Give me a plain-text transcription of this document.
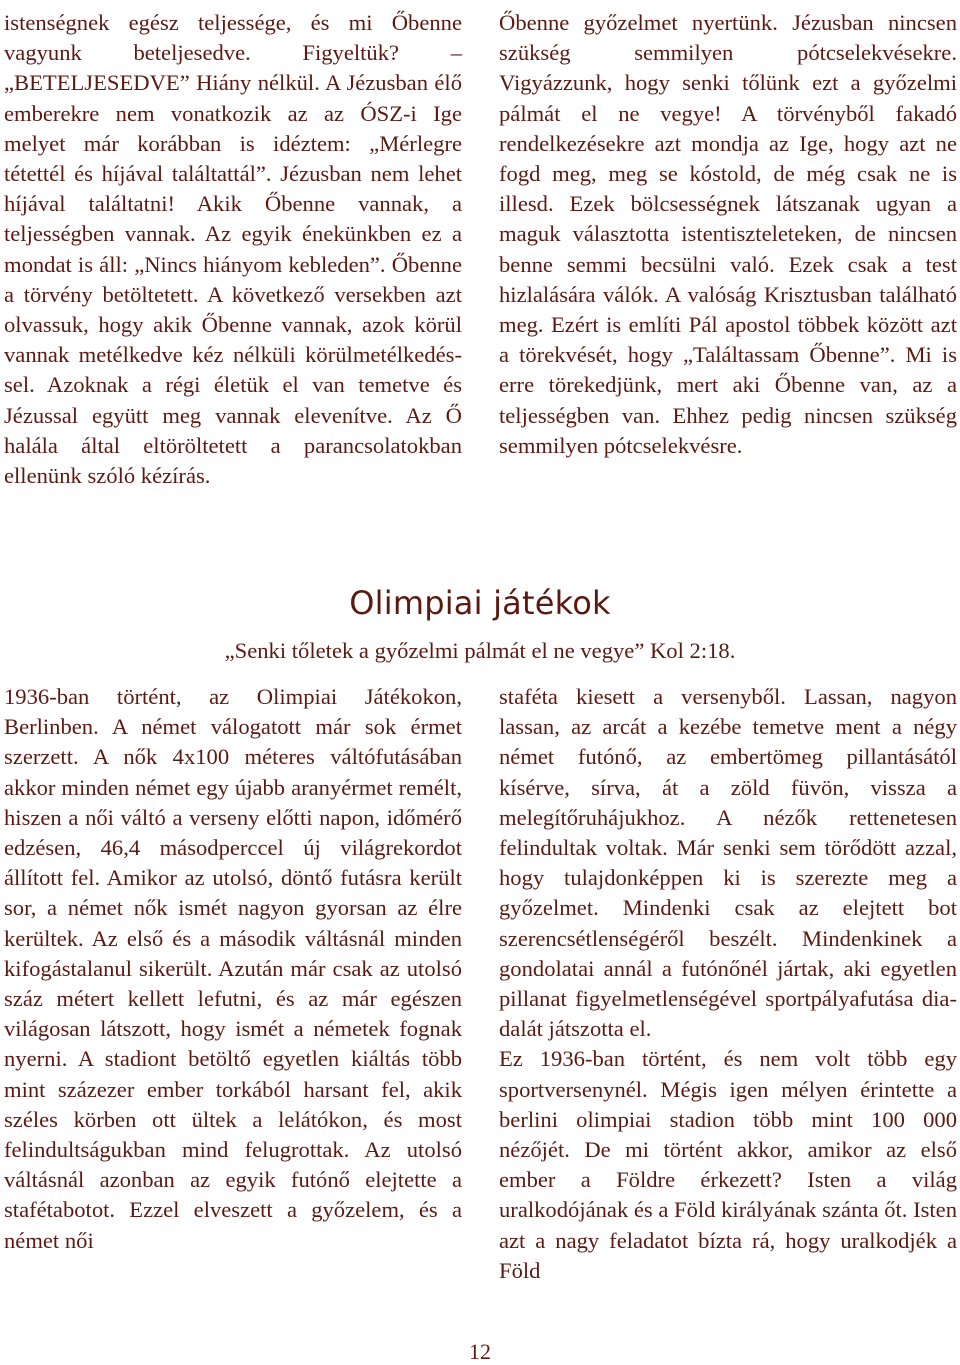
istenségnek egész teljessége, és mi Őbenne vagyunk beteljesedve. Figyeltük? – „BETELJESEDVE” Hiány nélkül. A Jézusban élő emberekre nem vonatkozik az az ÓSZ-i Ige melyet már korábban is idéztem: „Mérlegre tétettél és híjával találtattál”. Jézusban nem lehet híjával találtatni! Akik Őbenne vannak, a teljességben vannak. Az egyik énekünkben ez a mondat is áll: „Nincs hiányom kebleden”. Őbenne a törvény betöltetett. A következő versekben azt olvassuk, hogy akik Őbenne vannak, azok körül vannak metélkedve kéz nélküli körülmetélkedéssel. Azoknak a régi életük el van temetve és Jézussal együtt meg vannak elevenítve. Az Ő halála által eltöröltetett a parancsolatokban ellenünk szóló kézírás.

Őbenne győzelmet nyertünk. Jézusban nincsen szükség semmilyen pótcselekvésekre. Vigyázzunk, hogy senki tőlünk ezt a győzelmi pálmát el ne vegye! A törvényből fakadó rendelkezésekre azt mondja az Ige, hogy azt ne fogd meg, meg se kóstold, de még csak ne is illesd. Ezek bölcsességnek látszanak ugyan a maguk választotta istentiszteleteken, de nincsen benne semmi becsülni való. Ezek csak a test hizlalására válók. A valóság Krisztusban található meg. Ezért is említi Pál apostol többek között azt a törekvését, hogy „Találtassam Őbenne”. Mi is erre törekedjünk, mert aki Őbenne van, az a teljességben van. Ehhez pedig nincsen szükség semmilyen pótcselekvésre.

Olimpiai játékok
„Senki tőletek a győzelmi pálmát el ne vegye” Kol 2:18.

1936-ban történt, az Olimpiai Játékokon, Berlinben. A német válogatott már sok érmet szerzett. A nők 4x100 méteres váltófutásában akkor minden német egy újabb aranyérmet remélt, hiszen a női váltó a verseny előtti napon, időmérő edzésen, 46,4 másodperccel új világrekordot állított fel. Amikor az utolsó, döntő futásra került sor, a német nők ismét nagyon gyorsan az élre kerültek. Az első és a második váltásnál minden kifogástalanul sikerült. Azután már csak az utolsó száz métert kellett lefutni, és az már egészen világosan látszott, hogy ismét a németek fognak nyerni. A stadiont betöltő egyetlen kiáltás több mint százezer ember torkából harsant fel, akik széles körben ott ültek a lelátókon, és most felindultságukban mind felugrottak. Az utolsó váltásnál azonban az egyik futónő elejtette a stafétabotot. Ezzel elveszett a győzelem, és a német női

staféta kiesett a versenyből. Lassan, nagyon lassan, az arcát a kezébe temetve ment a négy német futónő, az embertömeg pillantásától kísérve, sírva, át a zöld füvön, vissza a melegítőruhájukhoz. A nézők rettenetesen felindultak voltak. Már senki sem törődött azzal, hogy tulajdonképpen ki is szerezte meg a győzelmet. Mindenki csak az elejtett bot szerencsétlenségéről beszélt. Mindenkinek a gondolatai annál a futónőnél jártak, aki egyetlen pillanat figyelmetlenségével sportpályafutása diadalát játszotta el.

Ez 1936-ban történt, és nem volt több egy sportversenynél. Mégis igen mélyen érintette a berlini olimpiai stadion több mint 100 000 nézőjét. De mi történt akkor, amikor az első ember a Földre érkezett? Isten a világ uralkodójának és a Föld királyának szánta őt. Isten azt a nagy feladatot bízta rá, hogy uralkodjék a Föld

12
